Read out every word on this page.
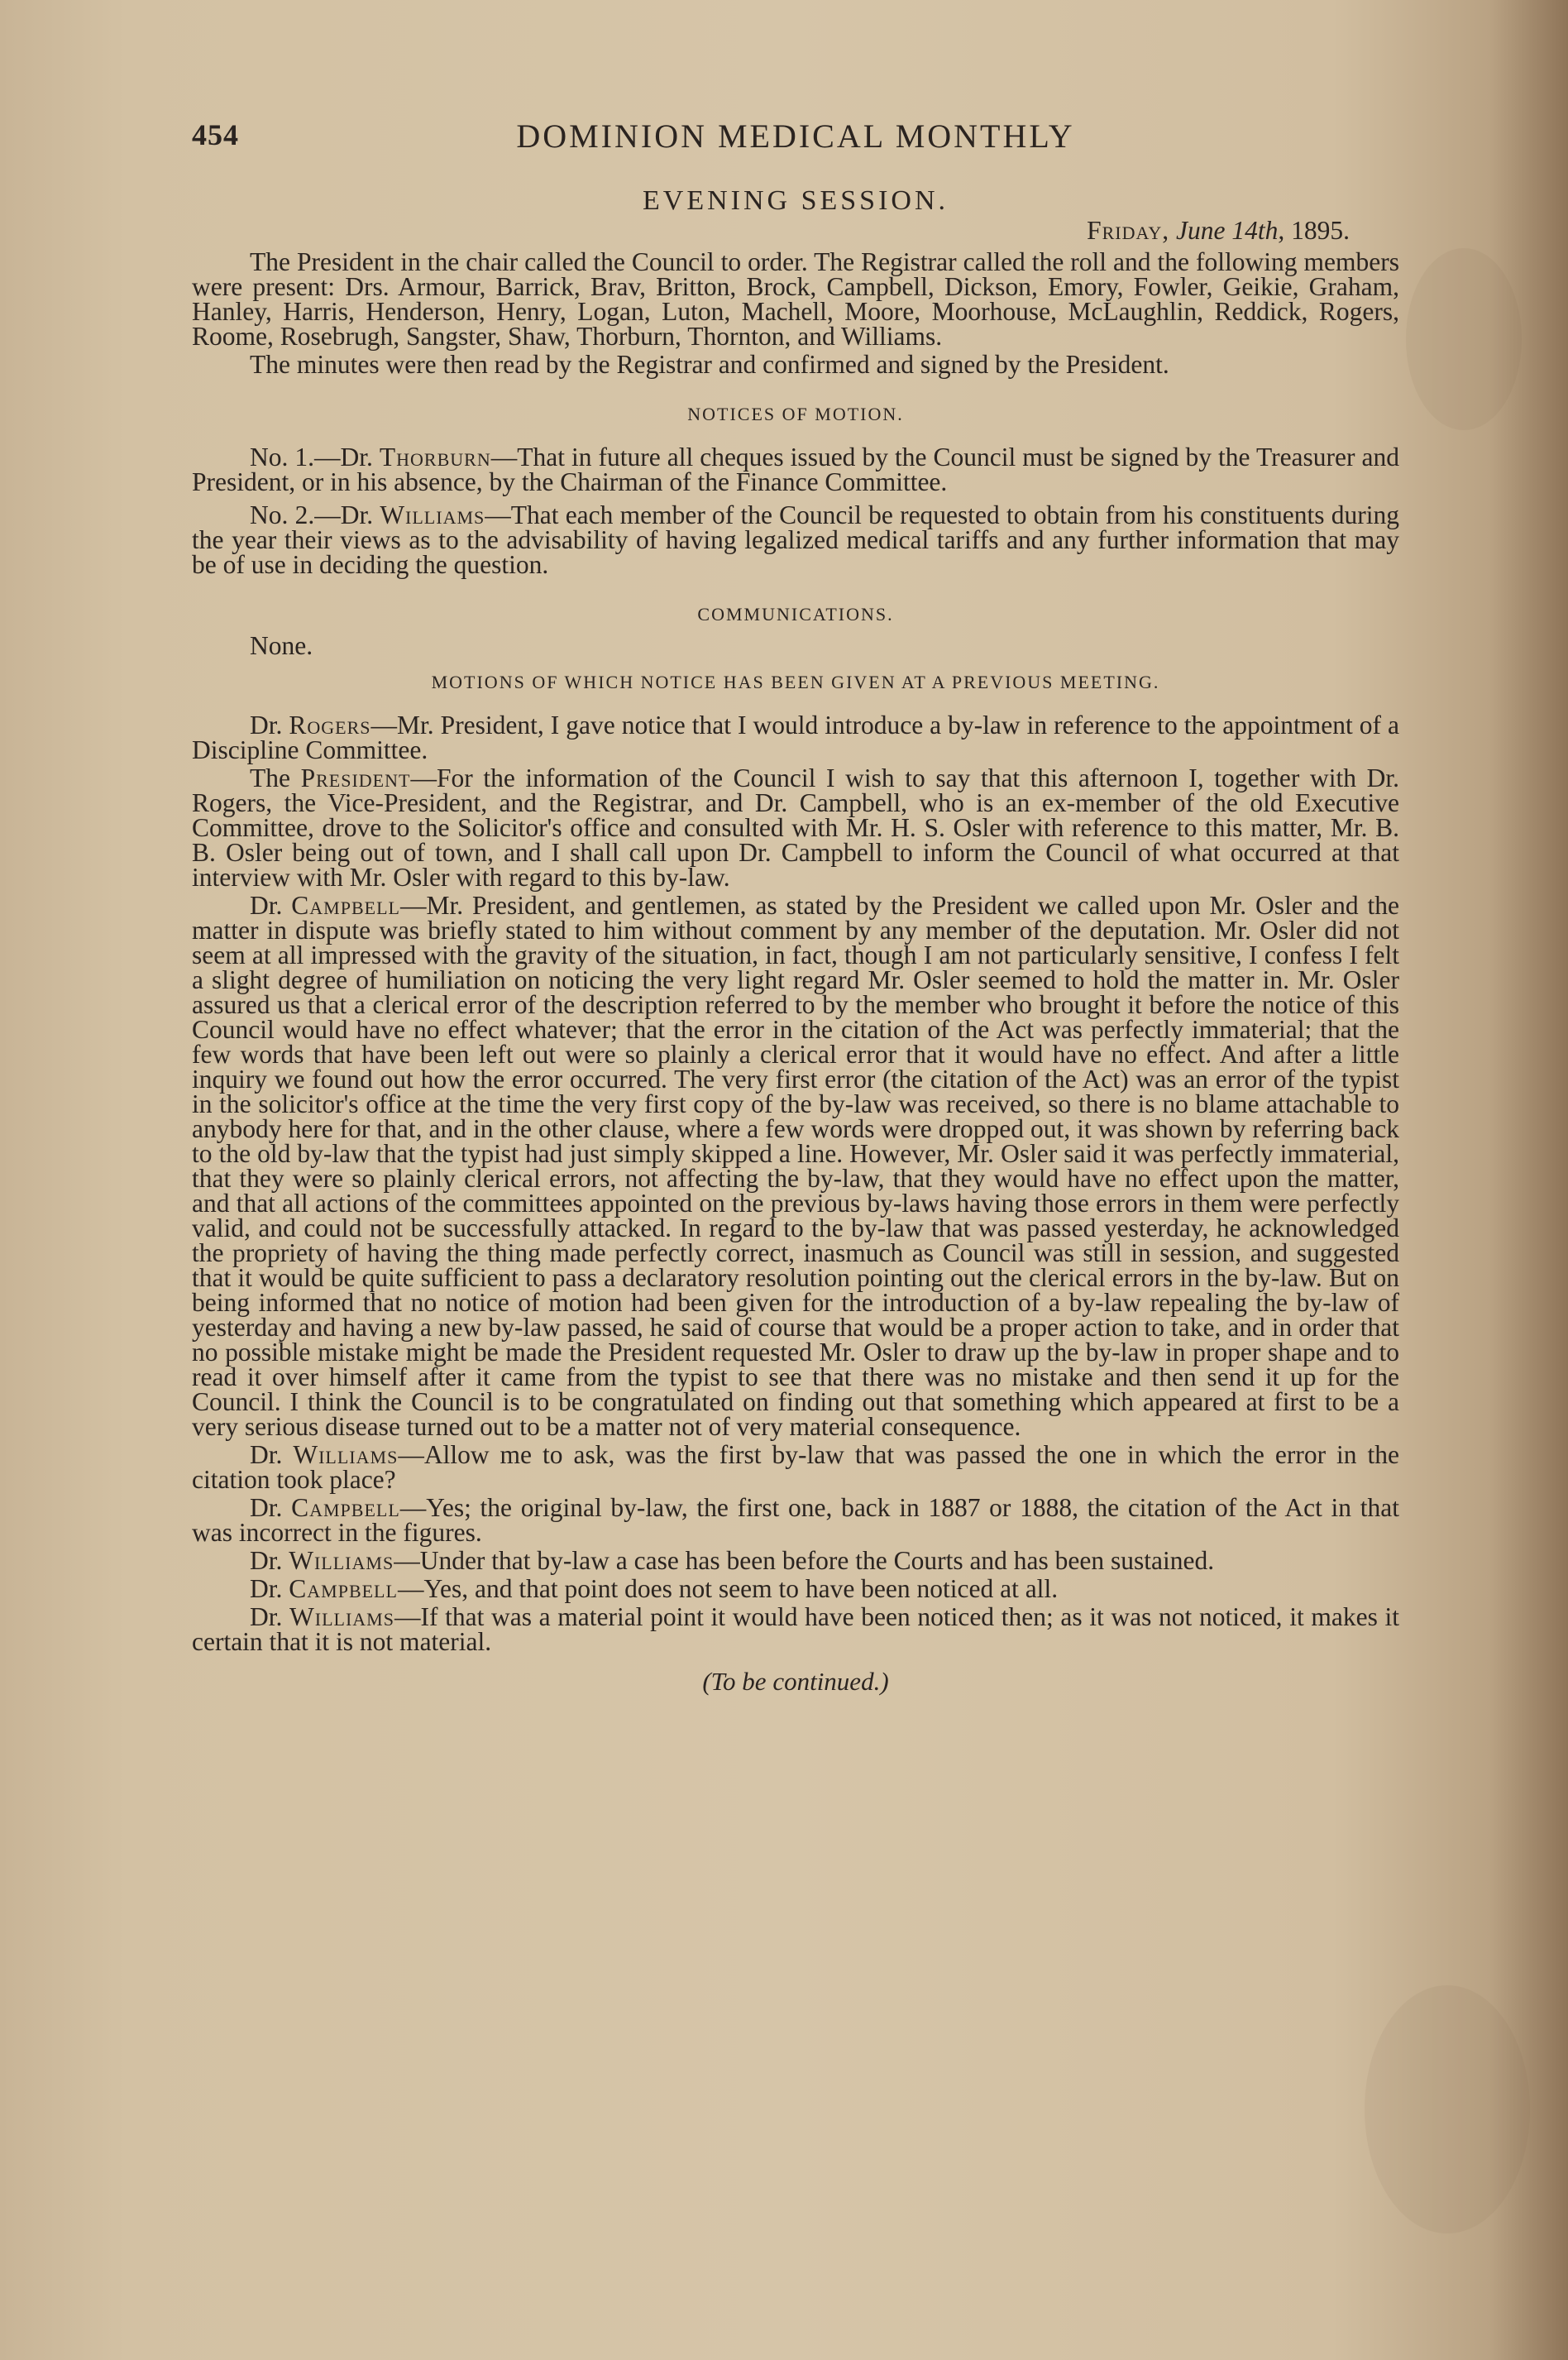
454	DOMINION MEDICAL MONTHLY
EVENING SESSION.
Friday, June 14th, 1895.

The President in the chair called the Council to order. The Registrar called the roll and the following members were present: Drs. Armour, Barrick, Brav, Britton, Brock, Campbell, Dickson, Emory, Fowler, Geikie, Graham, Hanley, Harris, Henderson, Henry, Logan, Luton, Machell, Moore, Moorhouse, McLaughlin, Reddick, Rogers, Roome, Rosebrugh, Sangster, Shaw, Thorburn, Thornton, and Williams.

The minutes were then read by the Registrar and confirmed and signed by the President.

NOTICES OF MOTION.

No. 1.—Dr. Thorburn—That in future all cheques issued by the Council must be signed by the Treasurer and President, or in his absence, by the Chairman of the Finance Committee.

No. 2.—Dr. Williams—That each member of the Council be requested to obtain from his constituents during the year their views as to the advisability of having legalized medical tariffs and any further information that may be of use in deciding the question.

COMMUNICATIONS.

None.

MOTIONS OF WHICH NOTICE HAS BEEN GIVEN AT A PREVIOUS MEETING.

Dr. Rogers—Mr. President, I gave notice that I would introduce a by-law in reference to the appointment of a Discipline Committee.

The President—For the information of the Council I wish to say that this afternoon I, together with Dr. Rogers, the Vice-President, and the Registrar, and Dr. Campbell, who is an ex-member of the old Executive Committee, drove to the Solicitor's office and consulted with Mr. H. S. Osler with reference to this matter, Mr. B. B. Osler being out of town, and I shall call upon Dr. Campbell to inform the Council of what occurred at that interview with Mr. Osler with regard to this by-law.

Dr. Campbell—Mr. President, and gentlemen, as stated by the President we called upon Mr. Osler and the matter in dispute was briefly stated to him without comment by any member of the deputation. Mr. Osler did not seem at all impressed with the gravity of the situation, in fact, though I am not particularly sensitive, I confess I felt a slight degree of humiliation on noticing the very light regard Mr. Osler seemed to hold the matter in. Mr. Osler assured us that a clerical error of the description referred to by the member who brought it before the notice of this Council would have no effect whatever; that the error in the citation of the Act was perfectly immaterial; that the few words that have been left out were so plainly a clerical error that it would have no effect. And after a little inquiry we found out how the error occurred. The very first error (the citation of the Act) was an error of the typist in the solicitor's office at the time the very first copy of the by-law was received, so there is no blame attachable to anybody here for that, and in the other clause, where a few words were dropped out, it was shown by referring back to the old by-law that the typist had just simply skipped a line. However, Mr. Osler said it was perfectly immaterial, that they were so plainly clerical errors, not affecting the by-law, that they would have no effect upon the matter, and that all actions of the committees appointed on the previous by-laws having those errors in them were perfectly valid, and could not be successfully attacked. In regard to the by-law that was passed yesterday, he acknowledged the propriety of having the thing made perfectly correct, inasmuch as Council was still in session, and suggested that it would be quite sufficient to pass a declaratory resolution pointing out the clerical errors in the by-law. But on being informed that no notice of motion had been given for the introduction of a by-law repealing the by-law of yesterday and having a new by-law passed, he said of course that would be a proper action to take, and in order that no possible mistake might be made the President requested Mr. Osler to draw up the by-law in proper shape and to read it over himself after it came from the typist to see that there was no mistake and then send it up for the Council. I think the Council is to be congratulated on finding out that something which appeared at first to be a very serious disease turned out to be a matter not of very material consequence.

Dr. Williams—Allow me to ask, was the first by-law that was passed the one in which the error in the citation took place?

Dr. Campbell—Yes; the original by-law, the first one, back in 1887 or 1888, the citation of the Act in that was incorrect in the figures.

Dr. Williams—Under that by-law a case has been before the Courts and has been sustained.

Dr. Campbell—Yes, and that point does not seem to have been noticed at all.

Dr. Williams—If that was a material point it would have been noticed then; as it was not noticed, it makes it certain that it is not material.

(To be continued.)
